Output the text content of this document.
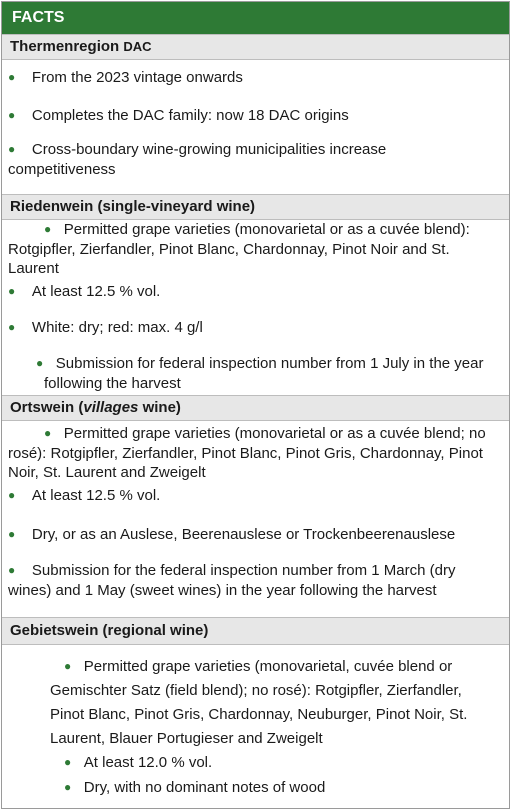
FACTS
Thermenregion DAC
● From the 2023 vintage onwards
● Completes the DAC family: now 18 DAC origins
● Cross-boundary wine-growing municipalities increase competitiveness
Riedenwein (single-vineyard wine)
● Permitted grape varieties (monovarietal or as a cuvée blend): Rotgipfler, Zierfandler, Pinot Blanc, Chardonnay, Pinot Noir and St. Laurent
● At least 12.5 % vol.
● White: dry; red: max. 4 g/l
● Submission for federal inspection number from 1 July in the year following the harvest
Ortswein (villages wine)
● Permitted grape varieties (monovarietal or as a cuvée blend; no rosé): Rotgipfler, Zierfandler, Pinot Blanc, Pinot Gris, Chardonnay, Pinot Noir, St. Laurent and Zweigelt
● At least 12.5 % vol.
● Dry, or as an Auslese, Beerenauslese or Trockenbeerenauslese
● Submission for the federal inspection number from 1 March (dry wines) and 1 May (sweet wines) in the year following the harvest
Gebietswein (regional wine)
● Permitted grape varieties (monovarietal, cuvée blend or Gemischter Satz (field blend); no rosé): Rotgipfler, Zierfandler, Pinot Blanc, Pinot Gris, Chardonnay, Neuburger, Pinot Noir, St. Laurent, Blauer Portugieser and Zweigelt
● At least 12.0 % vol.
● Dry, with no dominant notes of wood
